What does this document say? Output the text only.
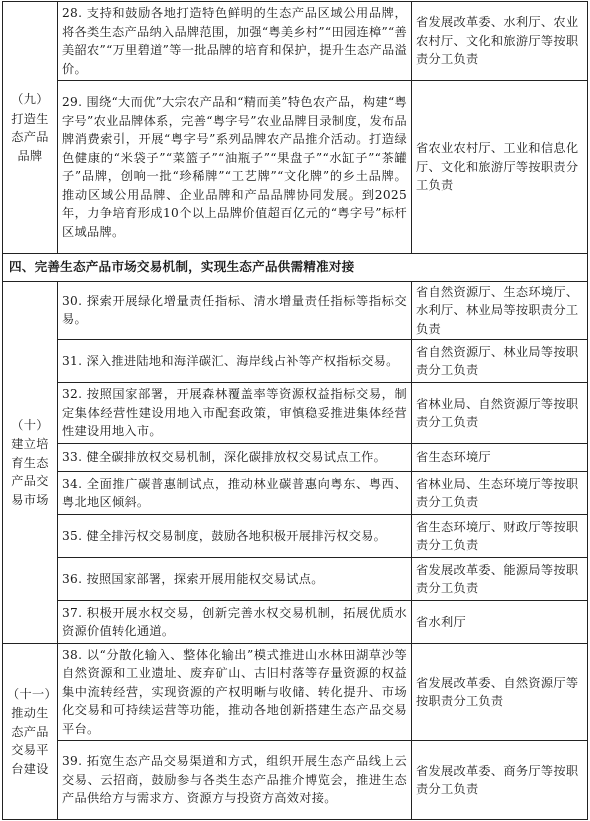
（九）
打造生态产品品牌	28. 支持和鼓励各地打造特色鲜明的生态产品区域公用品牌，将各类生态产品纳入品牌范围，加强“粤美乡村”“田园连樟”“善美韶农”“万里碧道”等一批品牌的培育和保护，提升生态产品溢价。	省发展改革委、水利厅、农业农村厅、文化和旅游厅等按职责分工负责
	29. 围绕“大而优”大宗农产品和“精而美”特色农产品，构建“粤字号”农业品牌体系，完善“粤字号”农业品牌目录制度，发布品牌消费索引，开展“粤字号”系列品牌农产品推介活动。打造绿色健康的“米袋子”“菜篮子”“油瓶子”“果盘子”“水缸子”“茶罐子”品牌，创响一批“珍稀牌”“工艺牌”“文化牌”的乡土品牌。推动区域公用品牌、企业品牌和产品品牌协同发展。到2025年，力争培育形成10个以上品牌价值超百亿元的“粤字号”标杆区域品牌。	省农业农村厅、工业和信息化厅、文化和旅游厅等按职责分工负责
四、完善生态产品市场交易机制，实现生态产品供需精准对接		

（十）
建立培育生态产品交易市场	30. 探索开展绿化增量责任指标、清水增量责任指标等指标交易。	省自然资源厅、生态环境厅、水利厅、林业局等按职责分工负责
	31. 深入推进陆地和海洋碳汇、海岸线占补等产权指标交易。	省自然资源厅、林业局等按职责分工负责
	32. 按照国家部署，开展森林覆盖率等资源权益指标交易，制定集体经营性建设用地入市配套政策，审慎稳妥推进集体经营性建设用地入市。	省林业局、自然资源厅等按职责分工负责
	33. 健全碳排放权交易机制，深化碳排放权交易试点工作。	省生态环境厅
	34. 全面推广碳普惠制试点，推动林业碳普惠向粤东、粤西、粤北地区倾斜。	省林业局、生态环境厅等按职责分工负责
	35. 健全排污权交易制度，鼓励各地积极开展排污权交易。	省生态环境厅、财政厅等按职责分工负责
	36. 按照国家部署，探索开展用能权交易试点。	省发展改革委、能源局等按职责分工负责
	37. 积极开展水权交易，创新完善水权交易机制，拓展优质水资源价值转化通道。	省水利厅

（十一）
推动生态产品交易平台建设	38. 以“分散化输入、整体化输出”模式推进山水林田湖草沙等自然资源和工业遗址、废弃矿山、古旧村落等存量资源的权益集中流转经营，实现资源的产权明晰与收储、转化提升、市场化交易和可持续运营等功能，推动各地创新搭建生态产品交易平台。	省发展改革委、自然资源厅等按职责分工负责
	39. 拓宽生态产品交易渠道和方式，组织开展生态产品线上云交易、云招商，鼓励参与各类生态产品推介博览会，推进生态产品供给方与需求方、资源方与投资方高效对接。	省发展改革委、商务厅等按职责分工负责
